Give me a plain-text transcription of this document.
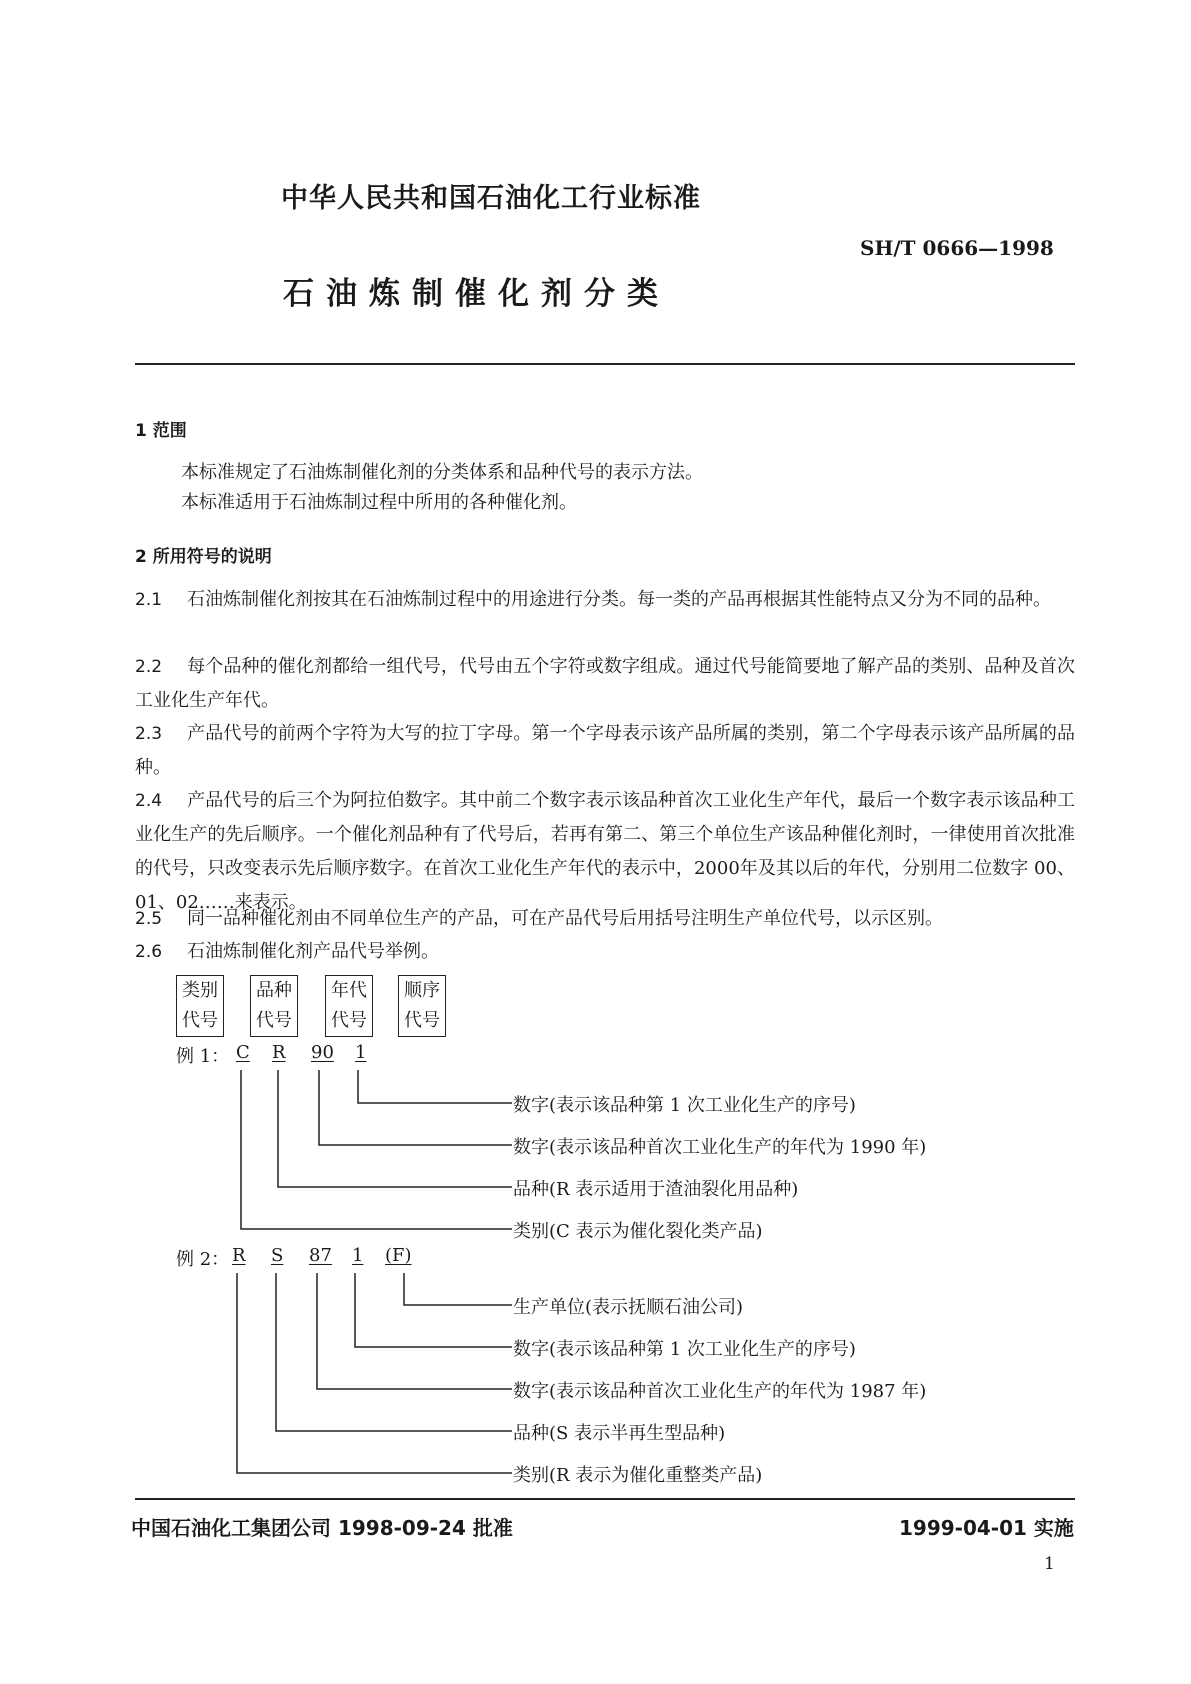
中华人民共和国石油化工行业标准
SH/T 0666—1998
石油炼制催化剂分类
1 范围
本标准规定了石油炼制催化剂的分类体系和品种代号的表示方法。
本标准适用于石油炼制过程中所用的各种催化剂。
2 所用符号的说明
2.1 石油炼制催化剂按其在石油炼制过程中的用途进行分类。每一类的产品再根据其性能特点又分为不同的品种。
2.2 每个品种的催化剂都给一组代号，代号由五个字符或数字组成。通过代号能简要地了解产品的类别、品种及首次工业化生产年代。
2.3 产品代号的前两个字符为大写的拉丁字母。第一个字母表示该产品所属的类别，第二个字母表示该产品所属的品种。
2.4 产品代号的后三个为阿拉伯数字。其中前二个数字表示该品种首次工业化生产年代，最后一个数字表示该品种工业化生产的先后顺序。一个催化剂品种有了代号后，若再有第二、第三个单位生产该品种催化剂时，一律使用首次批准的代号，只改变表示先后顺序数字。在首次工业化生产年代的表示中，2000年及其以后的年代，分别用二位数字 00、01、02……来表示。
2.5 同一品种催化剂由不同单位生产的产品，可在产品代号后用括号注明生产单位代号，以示区别。
2.6 石油炼制催化剂产品代号举例。
类别
代号
品种
代号
年代
代号
顺序
代号
例 1： C R 90 1
数字(表示该品种第 1 次工业化生产的序号)
数字(表示该品种首次工业化生产的年代为 1990 年)
品种(R 表示适用于渣油裂化用品种)
类别(C 表示为催化裂化类产品)
例 2： R S 87 1 (F)
生产单位(表示抚顺石油公司)
数字(表示该品种第 1 次工业化生产的序号)
数字(表示该品种首次工业化生产的年代为 1987 年)
品种(S 表示半再生型品种)
类别(R 表示为催化重整类产品)
中国石油化工集团公司 1998-09-24 批准	1999-04-01 实施
1
